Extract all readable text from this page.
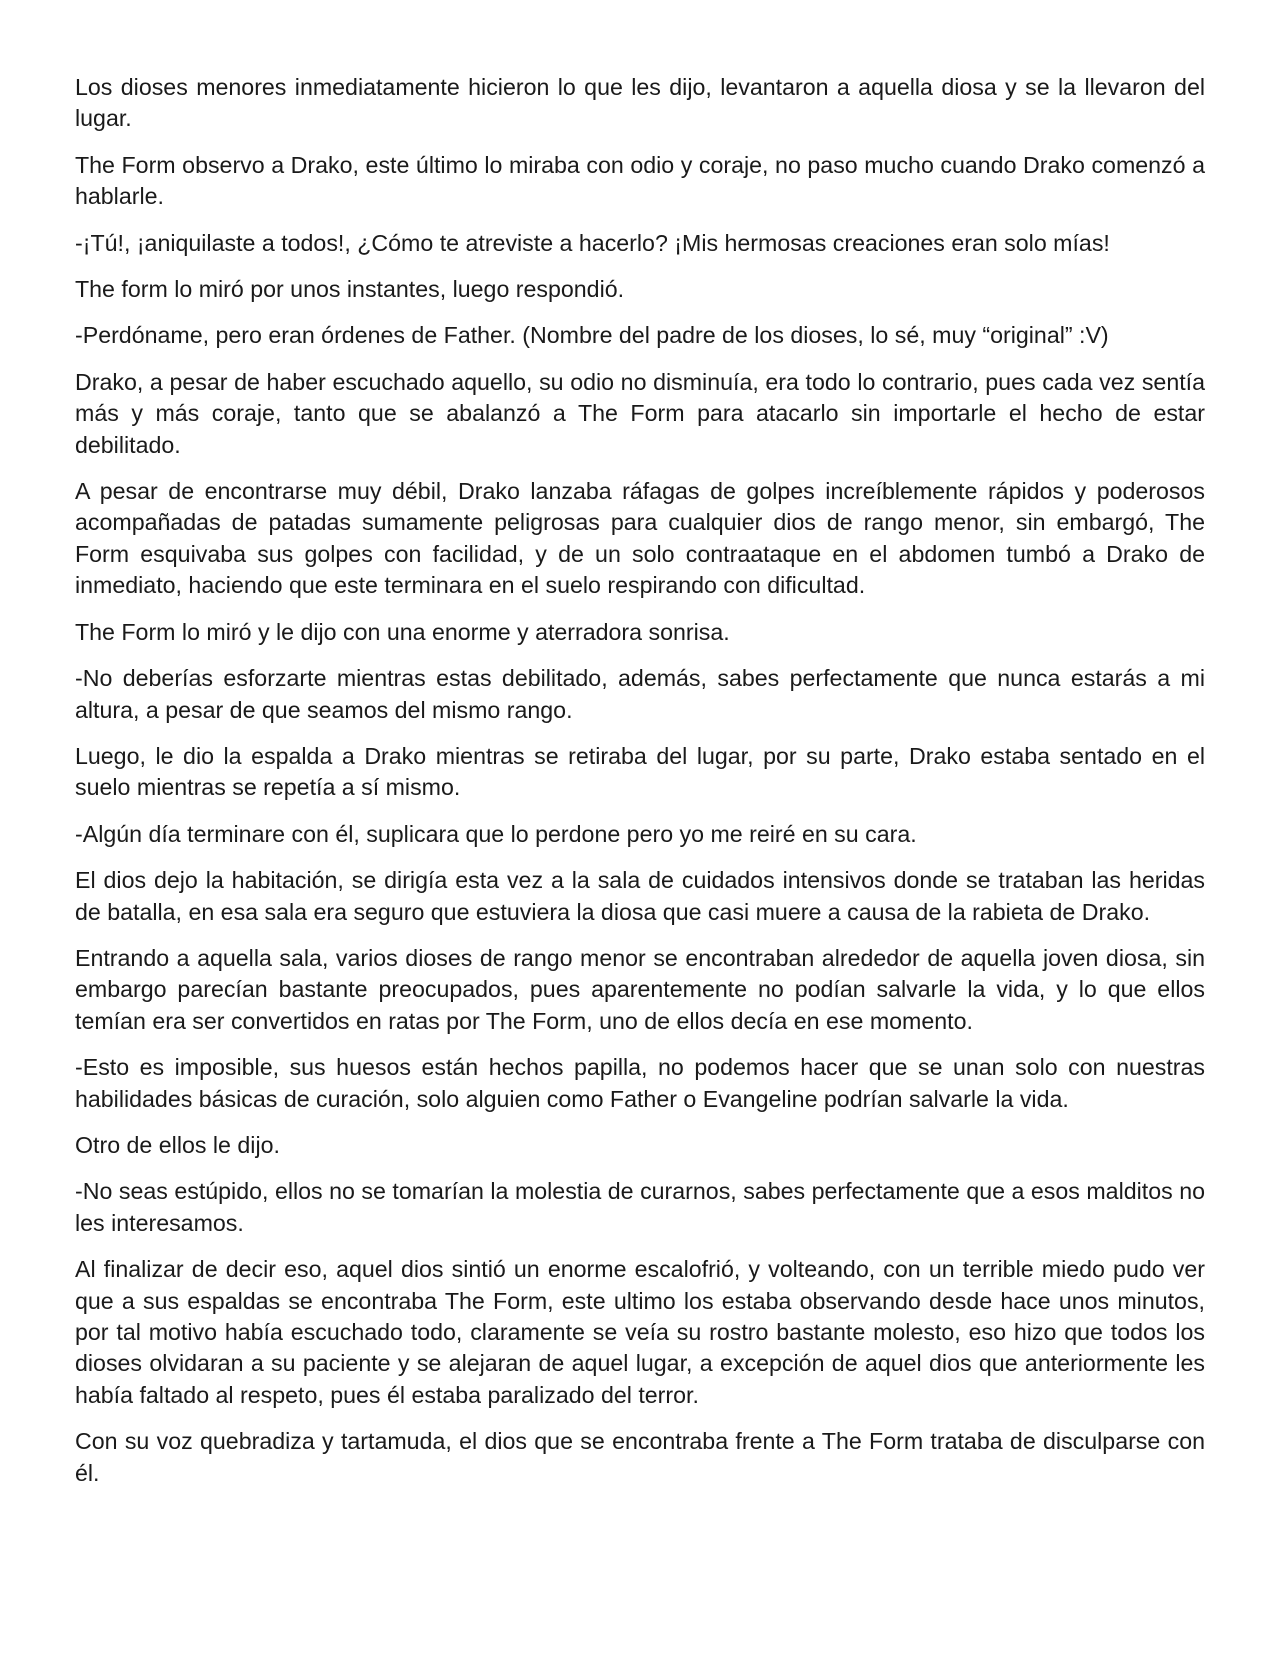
Los dioses menores inmediatamente hicieron lo que les dijo, levantaron a aquella diosa y se la llevaron del lugar.

The Form observo a Drako, este último lo miraba con odio y coraje, no paso mucho cuando Drako comenzó a hablarle.

-¡Tú!, ¡aniquilaste a todos!, ¿Cómo te atreviste a hacerlo? ¡Mis hermosas creaciones eran solo mías!

The form lo miró por unos instantes, luego respondió.

-Perdóname, pero eran órdenes de Father. (Nombre del padre de los dioses, lo sé, muy “original” :V)

Drako, a pesar de haber escuchado aquello, su odio no disminuía, era todo lo contrario, pues cada vez sentía más y más coraje, tanto que se abalanzó a The Form para atacarlo sin importarle el hecho de estar debilitado.

A pesar de encontrarse muy débil, Drako lanzaba ráfagas de golpes increíblemente rápidos y poderosos acompañadas de patadas sumamente peligrosas para cualquier dios de rango menor, sin embargó, The Form esquivaba sus golpes con facilidad, y de un solo contraataque en el abdomen tumbó a Drako de inmediato, haciendo que este terminara en el suelo respirando con dificultad.

The Form lo miró y le dijo con una enorme y aterradora sonrisa.

-No deberías esforzarte mientras estas debilitado, además, sabes perfectamente que nunca estarás a mi altura, a pesar de que seamos del mismo rango.

Luego, le dio la espalda a Drako mientras se retiraba del lugar, por su parte, Drako estaba sentado en el suelo mientras se repetía a sí mismo.

-Algún día terminare con él, suplicara que lo perdone pero yo me reiré en su cara.

El dios dejo la habitación, se dirigía esta vez a la sala de cuidados intensivos donde se trataban las heridas de batalla, en esa sala era seguro que estuviera la diosa que casi muere a causa de la rabieta de Drako.

Entrando a aquella sala, varios dioses de rango menor se encontraban alrededor de aquella joven diosa, sin embargo parecían bastante preocupados, pues aparentemente no podían salvarle la vida, y lo que ellos temían era ser convertidos en ratas por The Form, uno de ellos decía en ese momento.

-Esto es imposible, sus huesos están hechos papilla, no podemos hacer que se unan solo con nuestras habilidades básicas de curación, solo alguien como Father o Evangeline podrían salvarle la vida.

Otro de ellos le dijo.

-No seas estúpido, ellos no se tomarían la molestia de curarnos, sabes perfectamente que a esos malditos no les interesamos.

Al finalizar de decir eso, aquel dios sintió un enorme escalofrió, y volteando, con un terrible miedo pudo ver que a sus espaldas se encontraba The Form, este ultimo los estaba observando desde hace unos minutos, por tal motivo había escuchado todo, claramente se veía su rostro bastante molesto, eso hizo que todos los dioses olvidaran a su paciente y se alejaran de aquel lugar, a excepción de aquel dios que anteriormente les había faltado al respeto, pues él estaba paralizado del terror.

Con su voz quebradiza y tartamuda, el dios que se encontraba frente a The Form trataba de disculparse con él.
